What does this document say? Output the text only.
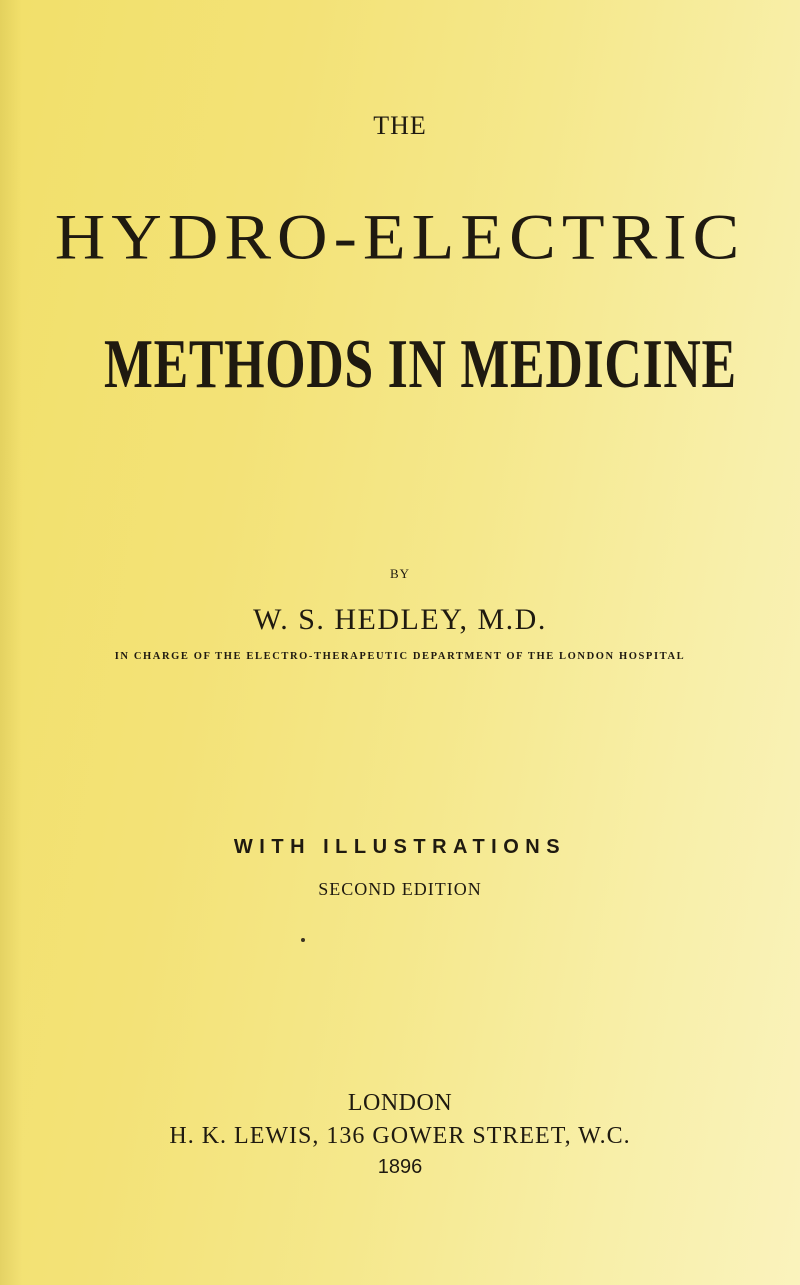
THE
HYDRO-ELECTRIC
METHODS IN MEDICINE
BY
W. S. HEDLEY, M.D.
IN CHARGE OF THE ELECTRO-THERAPEUTIC DEPARTMENT OF THE LONDON HOSPITAL
WITH ILLUSTRATIONS
SECOND EDITION
LONDON
H. K. LEWIS, 136 GOWER STREET, W.C.
1896
